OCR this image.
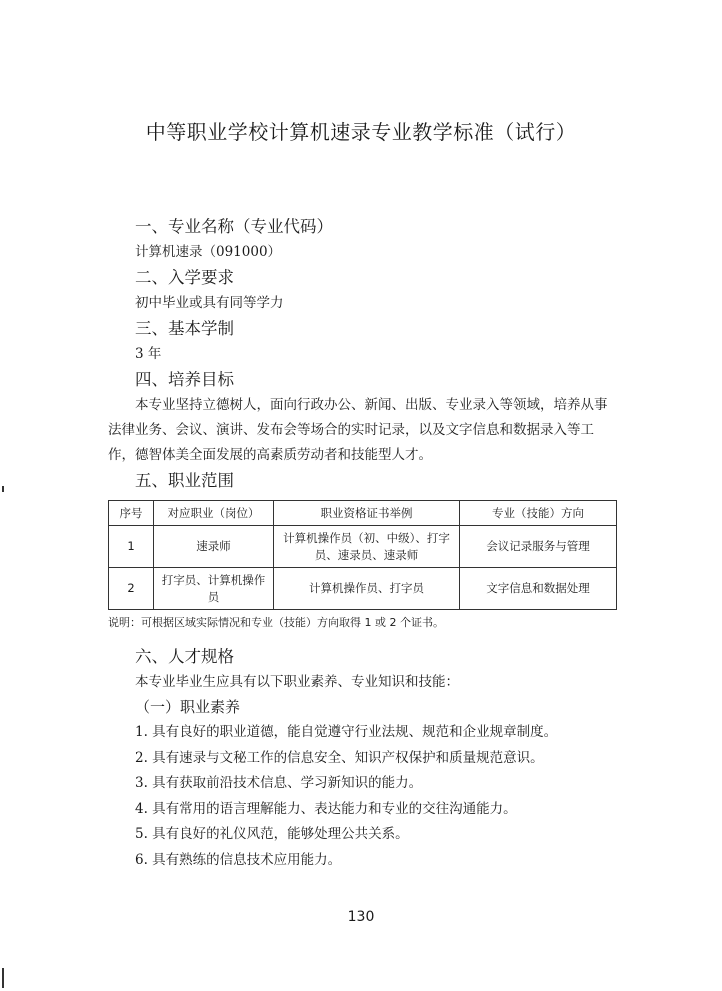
中等职业学校计算机速录专业教学标准（试行）
一、专业名称（专业代码）
计算机速录（091000）
二、入学要求
初中毕业或具有同等学力
三、基本学制
3 年
四、培养目标
本专业坚持立德树人，面向行政办公、新闻、出版、专业录入等领域，培养从事法律业务、会议、演讲、发布会等场合的实时记录，以及文字信息和数据录入等工作，德智体美全面发展的高素质劳动者和技能型人才。
五、职业范围
序号	对应职业（岗位）	职业资格证书举例	专业（技能）方向
1	速录师	计算机操作员（初、中级）、打字员、速录员、速录师	会议记录服务与管理
2	打字员、计算机操作员	计算机操作员、打字员	文字信息和数据处理
说明：可根据区域实际情况和专业（技能）方向取得 1 或 2 个证书。
六、人才规格
本专业毕业生应具有以下职业素养、专业知识和技能：
（一）职业素养
1. 具有良好的职业道德，能自觉遵守行业法规、规范和企业规章制度。
2. 具有速录与文秘工作的信息安全、知识产权保护和质量规范意识。
3. 具有获取前沿技术信息、学习新知识的能力。
4. 具有常用的语言理解能力、表达能力和专业的交往沟通能力。
5. 具有良好的礼仪风范，能够处理公共关系。
6. 具有熟练的信息技术应用能力。
130
